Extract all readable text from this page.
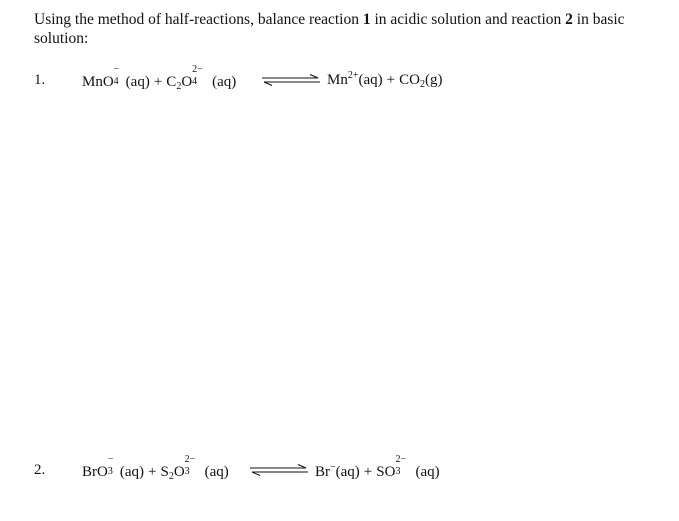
Using the method of half-reactions, balance reaction 1 in acidic solution and reaction 2 in basic solution:
1. MnO
−
4 $(aq) + C_2O$
2−
4 (aq)	$Mn^{2+}(aq) + CO_2(g)$
2. BrO
−
3 $(aq) + S_2O$
2−
3 (aq)	Br−(aq) + SO
2−
3 (aq)
